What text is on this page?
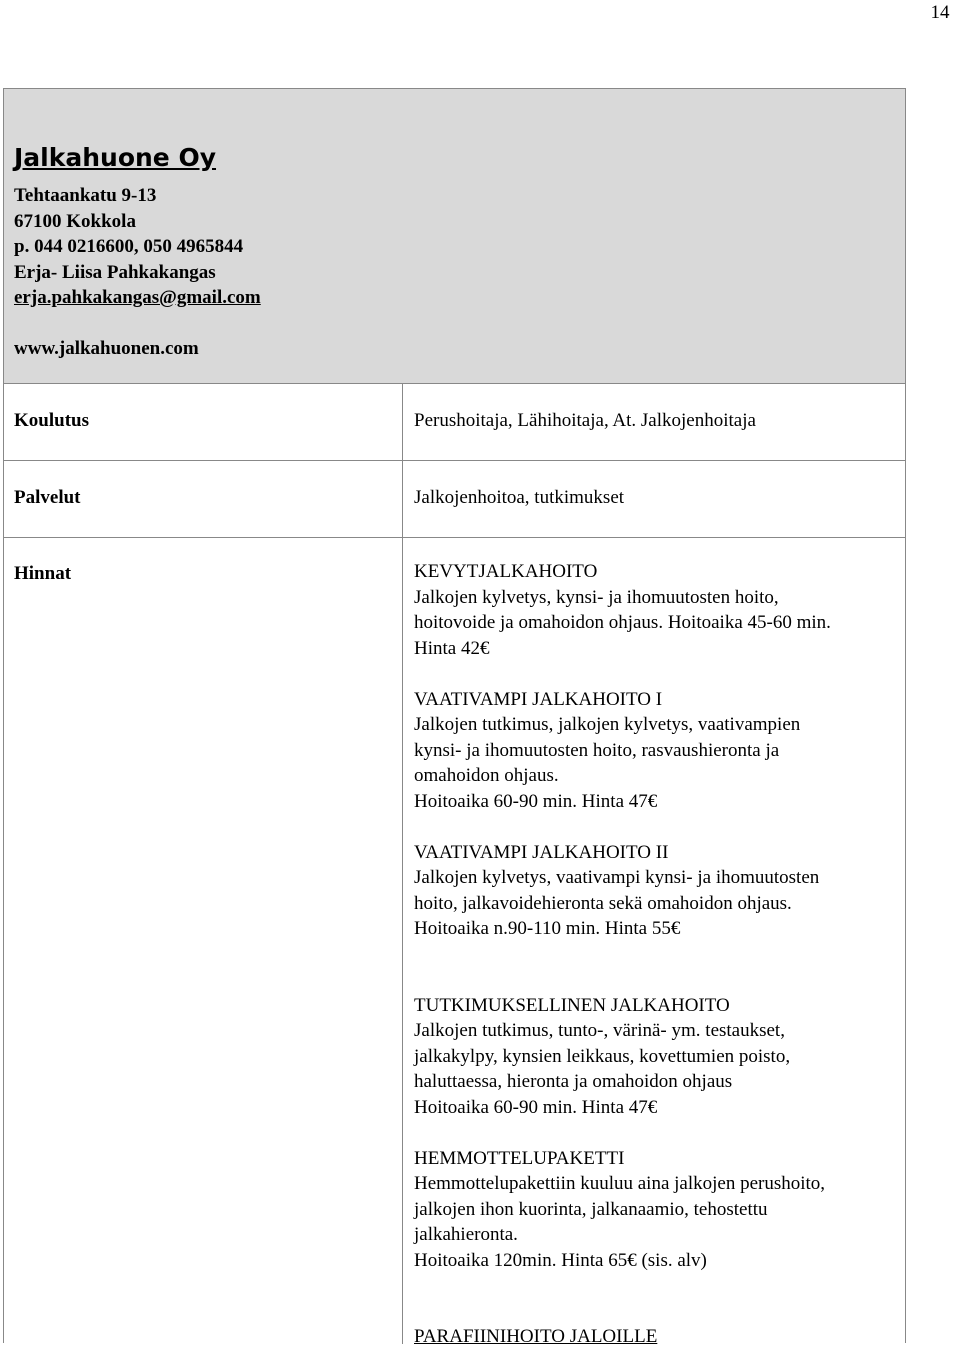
14
Jalkahuone Oy
Tehtaankatu 9-13
67100 Kokkola
p. 044 0216600, 050 4965844
Erja- Liisa Pahkakangas
erja.pahkakangas@gmail.com
www.jalkahuonen.com
Koulutus	Perushoitaja, Lähihoitaja, At. Jalkojenhoitaja
Palvelut	Jalkojenhoitoa, tutkimukset
Hinnat	KEVYTJALKAHOITO
Jalkojen kylvetys, kynsi- ja ihomuutosten hoito,
hoitovoide ja omahoidon ohjaus. Hoitoaika 45-60 min.
Hinta 42€
VAATIVAMPI JALKAHOITO I
Jalkojen tutkimus, jalkojen kylvetys, vaativampien
kynsi- ja ihomuutosten hoito, rasvaushieronta ja
omahoidon ohjaus.
Hoitoaika 60-90 min. Hinta 47€
VAATIVAMPI JALKAHOITO II
Jalkojen kylvetys, vaativampi kynsi- ja ihomuutosten
hoito, jalkavoidehieronta sekä omahoidon ohjaus.
Hoitoaika n.90-110 min. Hinta 55€
TUTKIMUKSELLINEN JALKAHOITO
Jalkojen tutkimus, tunto-, värinä- ym. testaukset,
jalkakylpy, kynsien leikkaus, kovettumien poisto,
haluttaessa, hieronta ja omahoidon ohjaus
Hoitoaika 60-90 min. Hinta 47€
HEMMOTTELUPAKETTI
Hemmottelupakettiin kuuluu aina jalkojen perushoito,
jalkojen ihon kuorinta, jalkanaamio, tehostettu
jalkahieronta.
Hoitoaika 120min. Hinta 65€ (sis. alv)
PARAFIINIHOITO JALOILLE
